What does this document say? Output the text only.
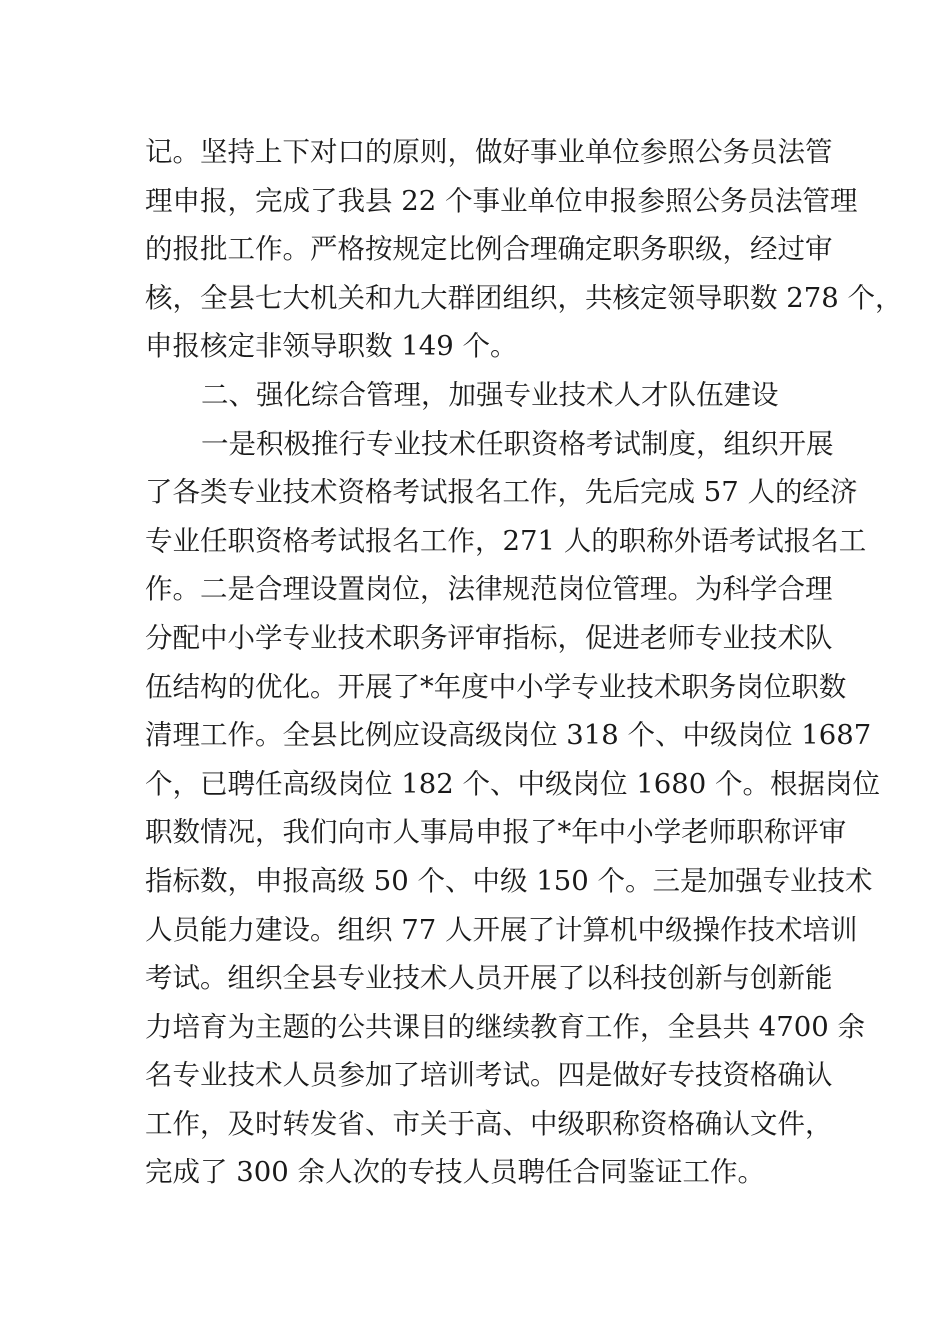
记。坚持上下对口的原则，做好事业单位参照公务员法管
理申报，完成了我县 22 个事业单位申报参照公务员法管理
的报批工作。严格按规定比例合理确定职务职级，经过审
核，全县七大机关和九大群团组织，共核定领导职数 278 个，
申报核定非领导职数 149 个。
二、强化综合管理，加强专业技术人才队伍建设
一是积极推行专业技术任职资格考试制度，组织开展
了各类专业技术资格考试报名工作，先后完成 57 人的经济
专业任职资格考试报名工作，271 人的职称外语考试报名工
作。二是合理设置岗位，法律规范岗位管理。为科学合理
分配中小学专业技术职务评审指标，促进老师专业技术队
伍结构的优化。开展了*年度中小学专业技术职务岗位职数
清理工作。全县比例应设高级岗位 318 个、中级岗位 1687
个，已聘任高级岗位 182 个、中级岗位 1680 个。根据岗位
职数情况，我们向市人事局申报了*年中小学老师职称评审
指标数，申报高级 50 个、中级 150 个。三是加强专业技术
人员能力建设。组织 77 人开展了计算机中级操作技术培训
考试。组织全县专业技术人员开展了以科技创新与创新能
力培育为主题的公共课目的继续教育工作，全县共 4700 余
名专业技术人员参加了培训考试。四是做好专技资格确认
工作，及时转发省、市关于高、中级职称资格确认文件，
完成了 300 余人次的专技人员聘任合同鉴证工作。
